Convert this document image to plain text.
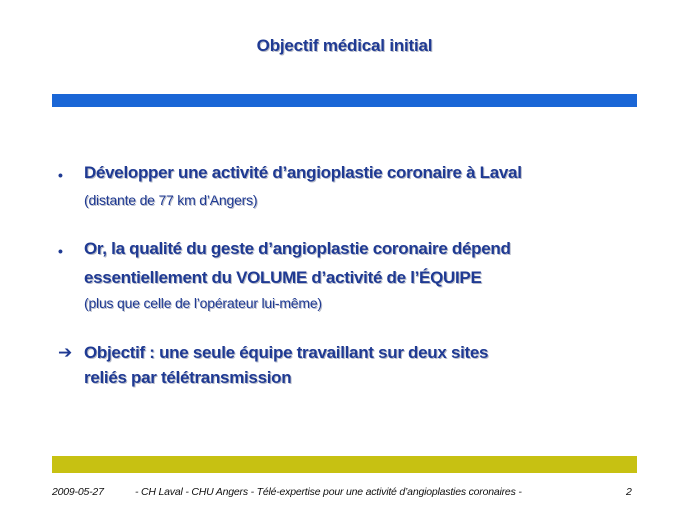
Objectif médical initial
• Développer une activité d’angioplastie coronaire à Laval
(distante de 77 km d’Angers)
• Or, la qualité du geste d’angioplastie coronaire dépend
essentiellement du VOLUME d’activité de l’ÉQUIPE
(plus que celle de l’opérateur lui-même)
➔ Objectif : une seule équipe travaillant sur deux sites
reliés par télétransmission
2009-05-27	- CH Laval - CHU Angers - Télé-expertise pour une activité d’angioplasties coronaires -	2
